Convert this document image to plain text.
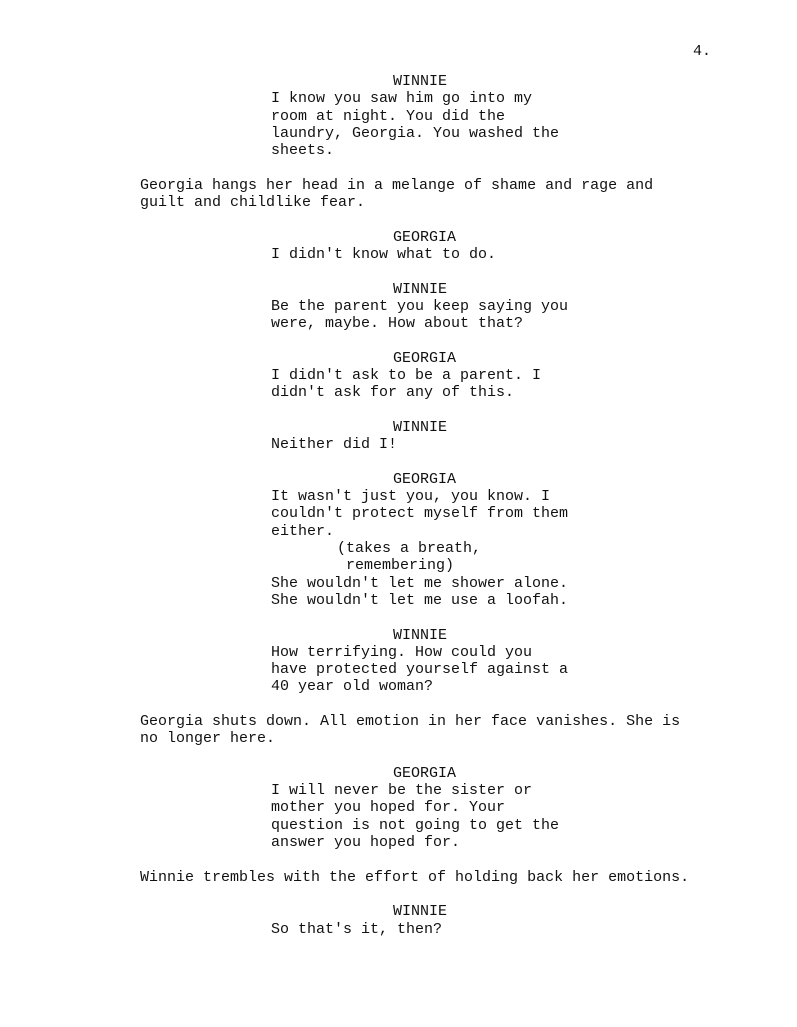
4.
WINNIE
I know you saw him go into my
room at night. You did the
laundry, Georgia. You washed the
sheets.
Georgia hangs her head in a melange of shame and rage and
guilt and childlike fear.
GEORGIA
I didn't know what to do.
WINNIE
Be the parent you keep saying you
were, maybe. How about that?
GEORGIA
I didn't ask to be a parent. I
didn't ask for any of this.
WINNIE
Neither did I!
GEORGIA
It wasn't just you, you know. I
couldn't protect myself from them
either.
(takes a breath,
remembering)
She wouldn't let me shower alone.
She wouldn't let me use a loofah.
WINNIE
How terrifying. How could you
have protected yourself against a
40 year old woman?
Georgia shuts down. All emotion in her face vanishes. She is
no longer here.
GEORGIA
I will never be the sister or
mother you hoped for. Your
question is not going to get the
answer you hoped for.
Winnie trembles with the effort of holding back her emotions.
WINNIE
So that's it, then?
